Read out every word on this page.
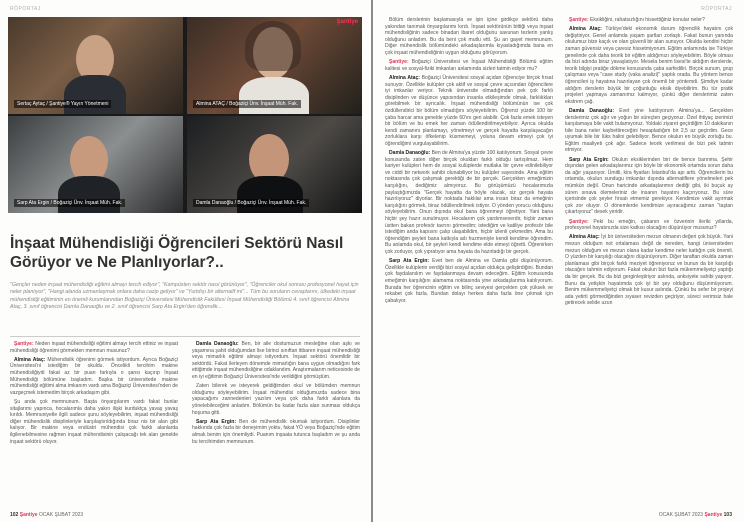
RÖPORTAJ
Sertaç Aytaç / Şantiye® Yayın Yönetmeni
Şantiye
Almina ATAÇ / Boğaziçi Ünv. İnşaat Müh. Fak.
Sarp Ata Ergin / Boğaziçi Ünv. İnşaat Müh. Fak.	Damla Danaoğlu / Boğaziçi Ünv. İnşaat Müh. Fak.
İnşaat Mühendisliği Öğrencileri Sektörü Nasıl Görüyor ve Ne Planlıyorlar?..
"Gençler neden inşaat mühendisliği eğitimi almayı tercih ediyor", "Kampüsten sektör nasıl görünüyor", "Öğrenciler okul sonrası profesyonel hayat için neler planlıyor", "Hangi alanda uzmanlaşmak onlara daha cazip geliyor" ve "Yurtdışı bir alternatif mi"... Tüm bu soruların cevaplarını, ülkedeki inşaat mühendisliği eğitiminin en önemli kurumlarından Boğaziçi Üniversitesi Mühendislik Fakültesi İnşaat Mühendisliği Bölümü 4. sınıf öğrencisi Almina Ataç, 3. sınıf öğrencisi Damla Danaoğlu ve 2. sınıf öğrencisi Sarp Ata Ergin'den öğrendik...

Şantiye: Neden inşaat mühendisliği eğitimi almayı tercih ettiniz ve inşaat mühendisliği öğrenimi görmekten memnun musunuz?

Almina Ataç: Mühendislik öğrenimi görmek istiyordum. Ayrıca Boğaziçi Üniversitesi'ni istediğim bir okuldu. Öncelikli tercihim makine mühendisliğiydi fakat az bir puan farkıyla o şansı kaçırıp İnşaat Mühendisliği bölümüne başladım. Başka bir üniversitede makine mühendisliği eğitimi alma imkanım vardı ama Boğaziçi Üniversitesi'nden de vazgeçmek istemedim birçok arkadaşım gibi.

Şu anda çok memnunum. Başta önyargılarım vardı fakat bunlar sitajlarımı yapınca, hocalarımla daha yakın ilişki kurduktça yavaş yavaş kırıldı. Memnuniyetle ilgili sadece şunu söyleyebilirim, inşaat mühendisliği diğer mühendislik disiplinleriyle karşılaştırıldığında biraz nis bir alan gibi kalıyor. Bir makine veya endüstri mühendisi çok farklı alanlarda ilgilenebilmesine rağmen inşaat mühendisinin çalışacağı tek alan genelde inşaat sektörü oluyor.

Damla Danaoğlu: Ben, bir aile dostumuzun mesleğine olan aşkı ve yaşamına şahit olduğumdan lise birinci sınıftan itibaren inşaat mühendisliği veya mimarlık eğitimi almayı istiyordum. İnşaat sektörü önemlidir bir sektördü. Fakat ilerleyen dönemde mimarlığın bana uygun olmadığını fark ettiğimde inşaat mühendisliğine odaklandım. Araştırmalarım neticesinde de en iyi eğitimin Boğaziçi Üniversitesi'nde verildiğini görmüştüm.

Zaten bilerek ve isteyerek geldiğimden okul ve bölümden memnun olduğumu söyleyebilirim. İnşaat mühendisi olduğumuzda sadece bina yapacağımı zannedenleri yazılım veya çok daha farklı alanlara da yönelebileceğimi anladım. Bölümün bu kadar fazla alan sunması oldukça hoşuma gitti.

Sarp Ata Ergin: Ben de mühendislik okumak istiyordum. Disiplinler hakkında çok fazla bir deneyimim yoktu, fakat YÖ veya Boğaziçi'nde eğitim almak benim için önemliydi. Puanım inşaata tutunca başladım ve şu anda bu tercihimden memnunum.

102 Şantiye OCAK ŞUBAT 2023
RÖPORTAJ

Bölüm derslerinin başlamasıyla ve işin içine girdikçe sektörü daha yakından tanımak önyargılarımı kırdı. İnşaat sektörünün bittiği veya inşaat mühendisliğinin sadece binadan ibaret olduğunu savunan tezlerin yanlış olduğunu anladım. Bu da beni çok mutlu etti. Şu an gayet memnunum. Diğer mühendislik bölümündeki arkadaşlarımla kıyasladığımda bana en çok inşaat mühendisliğinin uygun olduğunu görüyorum.

Şantiye: Boğaziçi Üniversitesi ve İnşaat Mühendisliği Bölümü eğitim kalitesi ve sosyal-fiziki imkanları anlamında sizleri tatmin ediyor mu?

Almina Ataç: Boğaziçi Üniversitesi sosyal açıdan öğrenciye birçok fırsat sunuyor. Özellikle kulüpler çok aktif ve sosyal çevre açısından öğrencilere iyi imkanlar veriyor. Teknik üniversite olmadığından pek çok farklı disiplinden ve düşünce yapısından insanla etkileşimde olmak, farklılıkları görebilmek bir ayrıcalık. İnşaat mühendisliği bölümünün ise çok özdüllendirici bir bölüm olmadığını söyleyebilirim. Öğrenci yüzde 100 bir çaba harcar ama genelde yüzde 60'ını geri alabilir. Çok fazla emek isteyen bir bölüm ve bu emek her zaman ödüllendirilmeyebiliyor. Ayrıca okulda kendi zamanını planlamayı, yönetmeyi ve gerçek hayatta karşılaşacağın zorluklara karşı öfkelenip küsmemeyi, yoluna devam etmeyi çok iyi öğrendiğimi vurgulayabilirim.

Damla Danaoğlu: Ben de Almina'ya yüzde 100 katılıyorum. Sosyal çevre konusunda zaten diğer birçok okuldan farklı olduğu tartışılmaz. Hem kariyer kulüpleri hem de sosyal kulüplerde mutlaka bir çevre edinilebiliyor ve ciddi bir network sahibi olunabiliyor bu kulüpler sayesinde. Ama eğitim noktasında çok çalışmak gerektiği de bir gerçek. Gerçekten emeğimizin karşılığını, dediğimiz almıyoruz. Bu görüşümüzü hocalarımızla paylaştığımızda "Gerçek hayatta da böyle olacak, siz gerçek hayata hazırlıyoruz" diyorlar. Bir noktada haklılar ama insan biraz da emeğinin karşılığını görmek, biraz ödüllendirilmek istiyor. O yönden yorucu olduğunu söyleyebilirim. Onun dışında okul bana öğrenmeyi öğretiyor. Yani bana hiçbir şey hazır sunulmuyor. Hocalarım çok yardımseverdir, hiçbir zaman üstten bakan profesör tavrını görmedim; istediğim ve katiliye profesör bile istediğim anda kapısını çalıp ulaşabildim, hiçbir izlenli çekmedim. Ama bu öğrendiğim şeyleri bana katkıyla adı huzmeniyle kendi kendime öğrendim. Bu anlamda okul, bir şeyleri kendi kendime elde etmeyi öğretti. Öğrenirken çok zorluyor, çok yıpratıyor ama hayata da hazırladığı bir gerçek.

Sarp Ata Ergin: Evet ben de Almina ve Damla gibi düşünüyorum. Özellikle kulüplerin verdiği bizi sosyal açıdan oldukça geliştirdiğini. Bundan çok faydalanılım ve faydalanmaya devam edeceğim. Eğitim konusunda emeğimin karşılığını alamama noktasında yine arkadaşlarıma katılıyorum. Burada her öğrencinin eğitim ve bilinç seviyesi gerçekten çok yüksek ve rekabet çok fazla. Bundan dolayı herkes daha fazla öne çıkmak için çabalıyor.

Şantiye: Eksikliğini, rahatsızlığını hissettiğiniz konular neler?

Almina Ataç: Türkiye'deki ekonomik durum öğrencilik hayatını çok değiştiriyor. Genel anlamda yaşam şartları zorlaştı. Fakat bunun yanında okulumuz bize kaçık ve olan güvenli bir alan sunuyor. Okulda kendini hiçbir zaman güvensiz veya çaresiz hissetmiyorum. Eğitim anlamında ise Türkiye genelinde çok daha teorik bir eğitim aldığımızı söyleyebilirim. Böyle olması da bizi adında biraz yavaşlatıyor. Meselа benim lisesi'te aldığım derslerde, teorik bilgiyi pratiğe dökme konusunda çaba sarfediliri. Birçok sunum, grup çalışması veya "case study (vaka analizi)" yaptık orada. Bu yöntem bence öğrencileri iş hayatına hazırlayan çok önemli bir yöntemdi. Şimdiye kadar aldığım derslerin büyük bir çoğunluğu eksik diyebilirim. Bu tür pratik projeleri yapmaya zamanımız kalmıyor, çünkü diğer derslerimiz zaten ekstrem çağ.

Damla Danaoğlu: Evet yine katılıyorum Almina'ya... Gerçekten derslerimiz çok ağır ve yoğun bir süreçten geçiyoruz. Özel ihtiyaç izerimizi karşılamaya bile vakit bulamıyoruz. Yoldaki ziyaret geçirdiğim 10 dakikanın bile bana neler kaybettireceğini hesapladığım bir 2,5 az geçirdim. Gece uyumak bile bir lüks halini gelebiliyor. Bence okulun en büyük zorluğu bu. Eğitim maaliyeti çok ağır. Sadece teorik verilmesi de bizi pek tatmin etmiyor.

Sarp Ata Ergin: Okulun eksiklerinden biri de bence barınma. Şehir dışından gelen arkadaşlarımız için böyle bir ekonomik ortamda sorun daha da ağır yaşanıyor. Ümitli, kira fiyatları İstanbul'da apı arttı. Öğrencilerin bu ortamda, okulun sundugu imkanlar dışında alternatiflere yönelmeleri pek mümkün değil. Onun haricinde arkadaşlarımın dediği gibi, iki buçuk ay süren sınava ölemeleriniz de insanın hayatını kaçırıyoruz. Bu süre içerisinde çok şeyler fırsatı etmemiz gerekiyor. Kendimize vakit ayırmak çok zor oluyor. O dönemlerde kendimize ayıracağımız zaman "taştan çıkartıyoruz" desek yeridir.

Şantiye: Peki bu emeğin, çabanın ve özverinin ileriki yıllarda, profesyonel hayatınızda size katkısı olacağını düşünüyor musunuz?

Almina Ataç: İyi bir üniversiteden mezun olmanın değeri çok büyük. Yani mezun olduğum not ortalaması değil de nereden, hangi üniversiteden mezun olduğum ve mezun olana kadar kendime neler kattığın çok önemli. O yüzden bir karşılığı olacağını düşünüyorum. Diğer taraftan okulda zaman planlaması gibi birçok farklı meziyet öğreniyoruz ve bunun da bir karşılığı olacağını tahmin ediyorum. Fakat okulun bizi fazla mükemmeliyetçi yaptığı da bir gerçek. Bu da bizi gerginleştiriyor aslında, anksiyete sahibi yapıyor. Bunu da yetişkin hayatımda çok iyi bir şey olduğunu düşünmüyorum. Benim mükemmeliyetçi olmak bir kusur aslında. Çünkü bu sefer bir projeyi ada yetirti görmediğinden sıyaser revizden geçiriyor, süreci verimsiz hale getirecek selide uzun

OCAK ŞUBAT 2023 Şantiye 103
